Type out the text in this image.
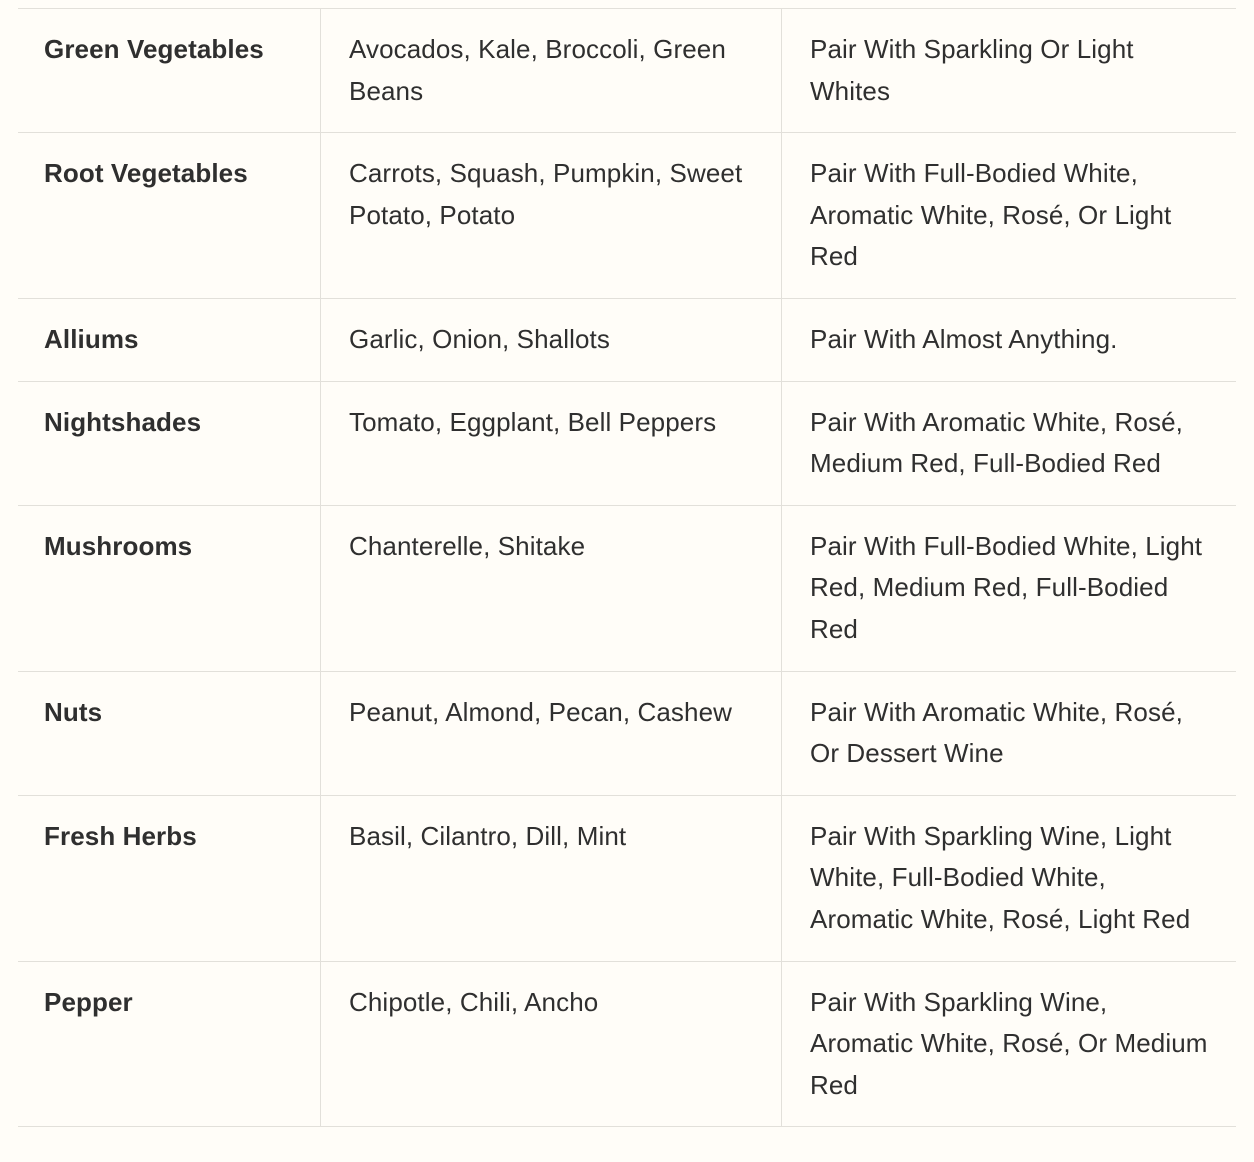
Green Vegetables	Avocados, Kale, Broccoli, Green Beans	Pair With Sparkling Or Light Whites
Root Vegetables	Carrots, Squash, Pumpkin, Sweet Potato, Potato	Pair With Full-Bodied White, Aromatic White, Rosé, Or Light Red
Alliums	Garlic, Onion, Shallots	Pair With Almost Anything.
Nightshades	Tomato, Eggplant, Bell Peppers	Pair With Aromatic White, Rosé, Medium Red, Full-Bodied Red
Mushrooms	Chanterelle, Shitake	Pair With Full-Bodied White, Light Red, Medium Red, Full-Bodied Red
Nuts	Peanut, Almond, Pecan, Cashew	Pair With Aromatic White, Rosé, Or Dessert Wine
Fresh Herbs	Basil, Cilantro, Dill, Mint	Pair With Sparkling Wine, Light White, Full-Bodied White, Aromatic White, Rosé, Light Red
Pepper	Chipotle, Chili, Ancho	Pair With Sparkling Wine, Aromatic White, Rosé, Or Medium Red
